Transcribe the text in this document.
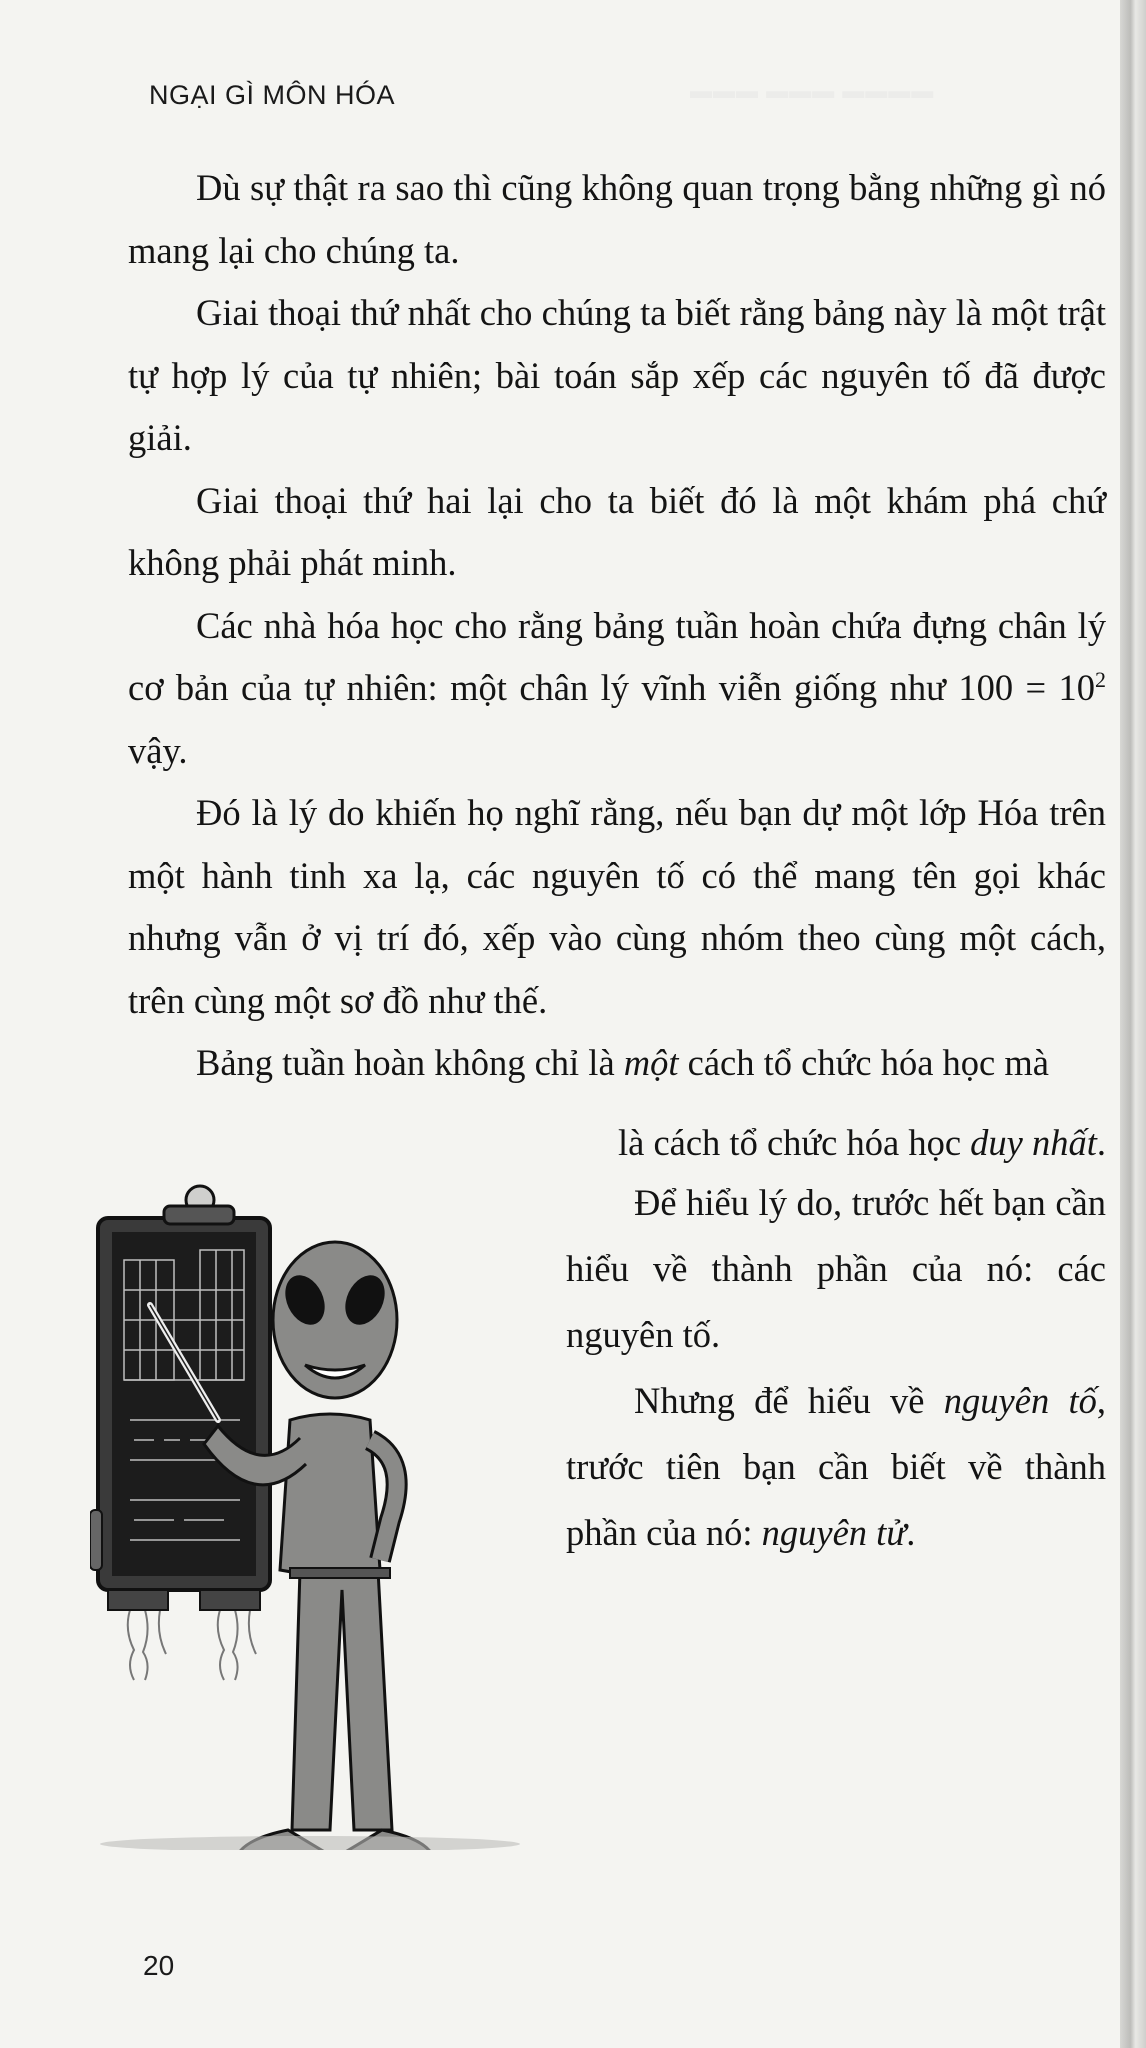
▬▬▬ ▬▬▬ ▬▬▬▬
NGẠI GÌ MÔN HÓA

Dù sự thật ra sao thì cũng không quan trọng bằng những gì nó mang lại cho chúng ta.

Giai thoại thứ nhất cho chúng ta biết rằng bảng này là một trật tự hợp lý của tự nhiên; bài toán sắp xếp các nguyên tố đã được giải.

Giai thoại thứ hai lại cho ta biết đó là một khám phá chứ không phải phát minh.

Các nhà hóa học cho rằng bảng tuần hoàn chứa đựng chân lý cơ bản của tự nhiên: một chân lý vĩnh viễn giống như $100 = 10^2$ vậy.

Đó là lý do khiến họ nghĩ rằng, nếu bạn dự một lớp Hóa trên một hành tinh xa lạ, các nguyên tố có thể mang tên gọi khác nhưng vẫn ở vị trí đó, xếp vào cùng nhóm theo cùng một cách, trên cùng một sơ đồ như thế.

Bảng tuần hoàn không chỉ là một cách tổ chức hóa học mà

là cách tổ chức hóa học duy nhất.

Để hiểu lý do, trước hết bạn cần hiểu về thành phần của nó: các nguyên tố.

Nhưng để hiểu về nguyên tố, trước tiên bạn cần biết về thành phần của nó: nguyên tử.

20
